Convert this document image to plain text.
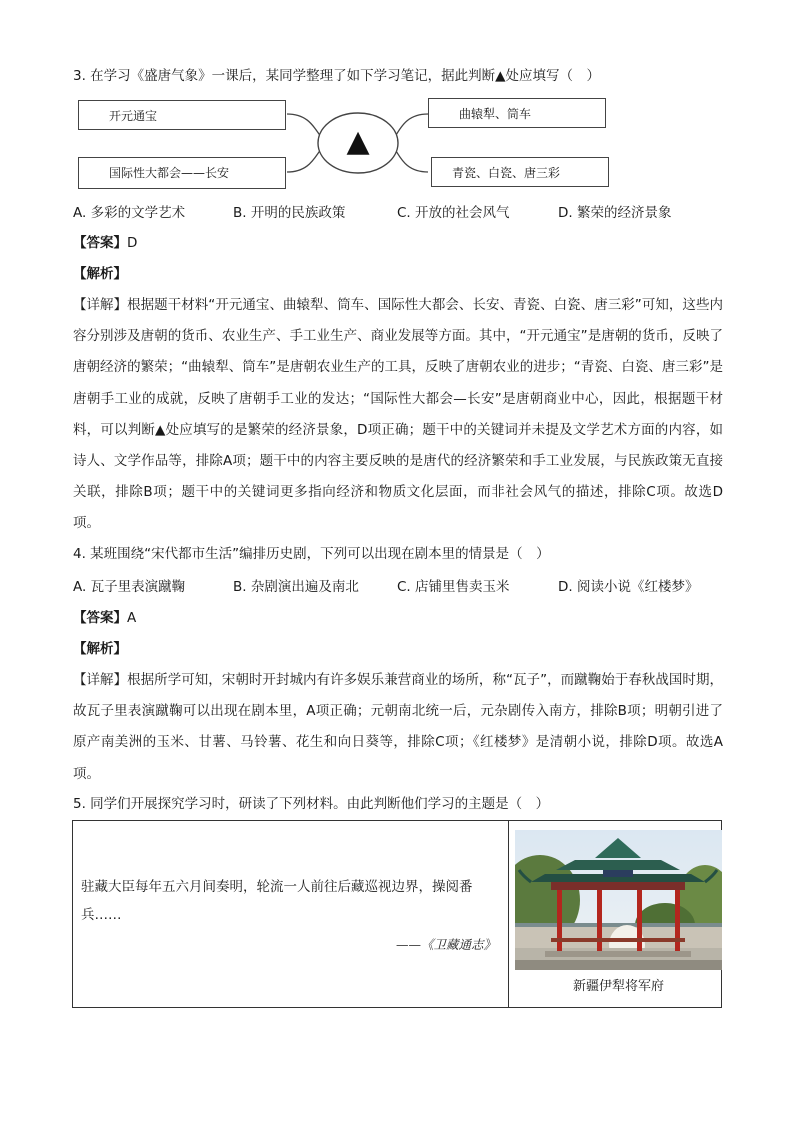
3. 在学习《盛唐气象》一课后，某同学整理了如下学习笔记，据此判断▲处应填写（　）
开元通宝
国际性大都会——长安
曲辕犁、筒车
青瓷、白瓷、唐三彩
▲
A. 多彩的文学艺术	B. 开明的民族政策	C. 开放的社会风气	D. 繁荣的经济景象
【答案】D
【解析】
【详解】根据题干材料“开元通宝、曲辕犁、筒车、国际性大都会、长安、青瓷、白瓷、唐三彩”可知，这些内容分别涉及唐朝的货币、农业生产、手工业生产、商业发展等方面。其中，“开元通宝”是唐朝的货币，反映了唐朝经济的繁荣；“曲辕犁、筒车”是唐朝农业生产的工具，反映了唐朝农业的进步；“青瓷、白瓷、唐三彩”是唐朝手工业的成就，反映了唐朝手工业的发达；“国际性大都会—长安”是唐朝商业中心，因此，根据题干材料，可以判断▲处应填写的是繁荣的经济景象，D项正确；题干中的关键词并未提及文学艺术方面的内容，如诗人、文学作品等，排除A项；题干中的内容主要反映的是唐代的经济繁荣和手工业发展，与民族政策无直接关联，排除B项；题干中的关键词更多指向经济和物质文化层面，而非社会风气的描述，排除C项。故选D项。
4. 某班围绕“宋代都市生活”编排历史剧，下列可以出现在剧本里的情景是（　）
A. 瓦子里表演蹴鞠	B. 杂剧演出遍及南北	C. 店铺里售卖玉米	D. 阅读小说《红楼梦》
【答案】A
【解析】
【详解】根据所学可知，宋朝时开封城内有许多娱乐兼营商业的场所，称“瓦子”，而蹴鞠始于春秋战国时期，故瓦子里表演蹴鞠可以出现在剧本里，A项正确；元朝南北统一后，元杂剧传入南方，排除B项；明朝引进了原产南美洲的玉米、甘薯、马铃薯、花生和向日葵等，排除C项；《红楼梦》是清朝小说，排除D项。故选A项。
5. 同学们开展探究学习时，研读了下列材料。由此判断他们学习的主题是（　）
驻藏大臣每年五六月间奏明，轮流一人前往后藏巡视边界，操阅番兵……
——《卫藏通志》
新疆伊犁将军府
